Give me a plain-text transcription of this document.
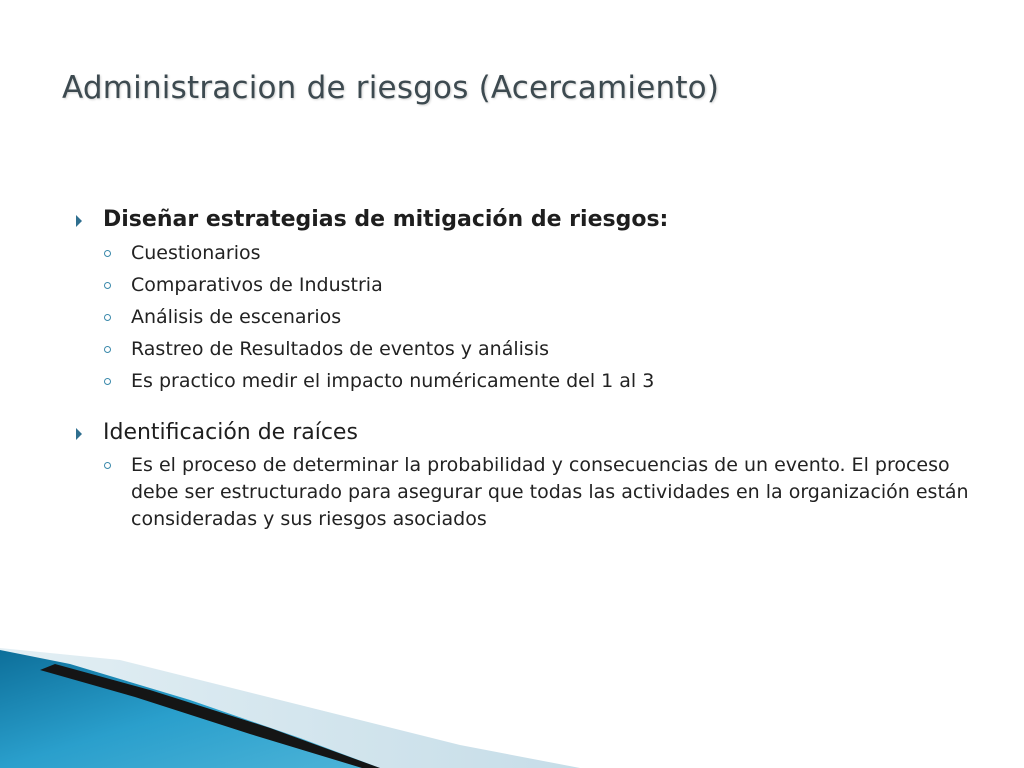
Administracion de riesgos (Acercamiento)
Diseñar estrategias de mitigación de riesgos:
Cuestionarios
Comparativos de Industria
Análisis de escenarios
Rastreo de Resultados de eventos y análisis
Es practico medir el impacto numéricamente del 1 al 3
Identificación de raíces
Es el proceso de determinar la probabilidad y consecuencias de un evento. El proceso debe ser estructurado para asegurar que todas las actividades en la organización están consideradas y sus riesgos asociados
